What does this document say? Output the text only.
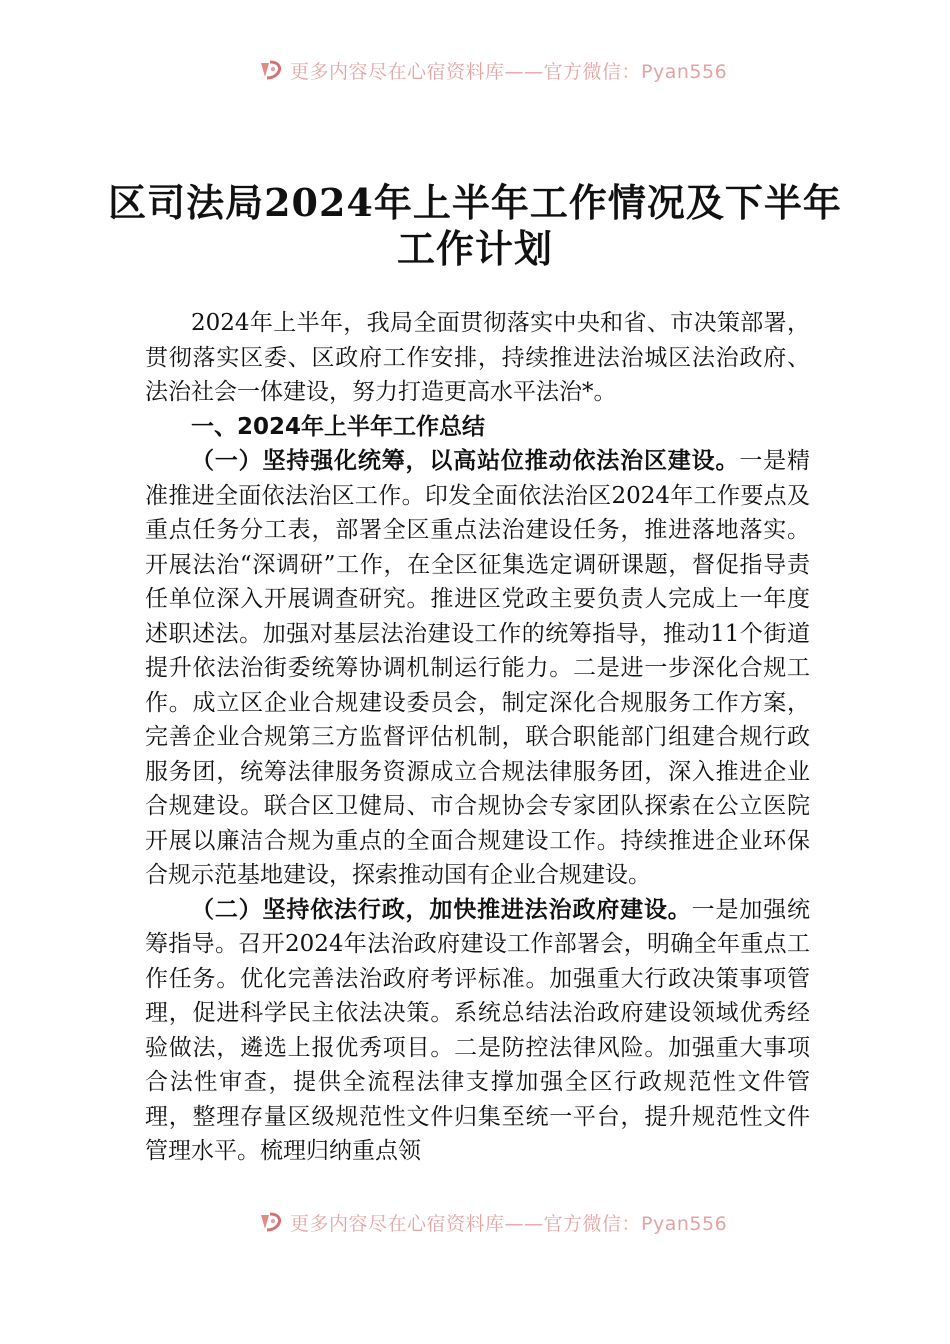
更多内容尽在心宿资料库——官方微信：Pyan556
区司法局2024年上半年工作情况及下半年
工作计划

2024年上半年，我局全面贯彻落实中央和省、市决策部署，贯彻落实区委、区政府工作安排，持续推进法治城区法治政府、法治社会一体建设，努力打造更高水平法治*。

一、2024年上半年工作总结

（一）坚持强化统筹，以高站位推动依法治区建设。一是精准推进全面依法治区工作。印发全面依法治区2024年工作要点及重点任务分工表，部署全区重点法治建设任务，推进落地落实。开展法治“深调研”工作，在全区征集选定调研课题，督促指导责任单位深入开展调查研究。推进区党政主要负责人完成上一年度述职述法。加强对基层法治建设工作的统筹指导，推动11个街道提升依法治街委统筹协调机制运行能力。二是进一步深化合规工作。成立区企业合规建设委员会，制定深化合规服务工作方案，完善企业合规第三方监督评估机制，联合职能部门组建合规行政服务团，统筹法律服务资源成立合规法律服务团，深入推进企业合规建设。联合区卫健局、市合规协会专家团队探索在公立医院开展以廉洁合规为重点的全面合规建设工作。持续推进企业环保合规示范基地建设，探索推动国有企业合规建设。

（二）坚持依法行政，加快推进法治政府建设。一是加强统筹指导。召开2024年法治政府建设工作部署会，明确全年重点工作任务。优化完善法治政府考评标准。加强重大行政决策事项管理，促进科学民主依法决策。系统总结法治政府建设领域优秀经验做法，遴选上报优秀项目。二是防控法律风险。加强重大事项合法性审查，提供全流程法律支撑加强全区行政规范性文件管理，整理存量区级规范性文件归集至统一平台，提升规范性文件管理水平。梳理归纳重点领

更多内容尽在心宿资料库——官方微信：Pyan556
